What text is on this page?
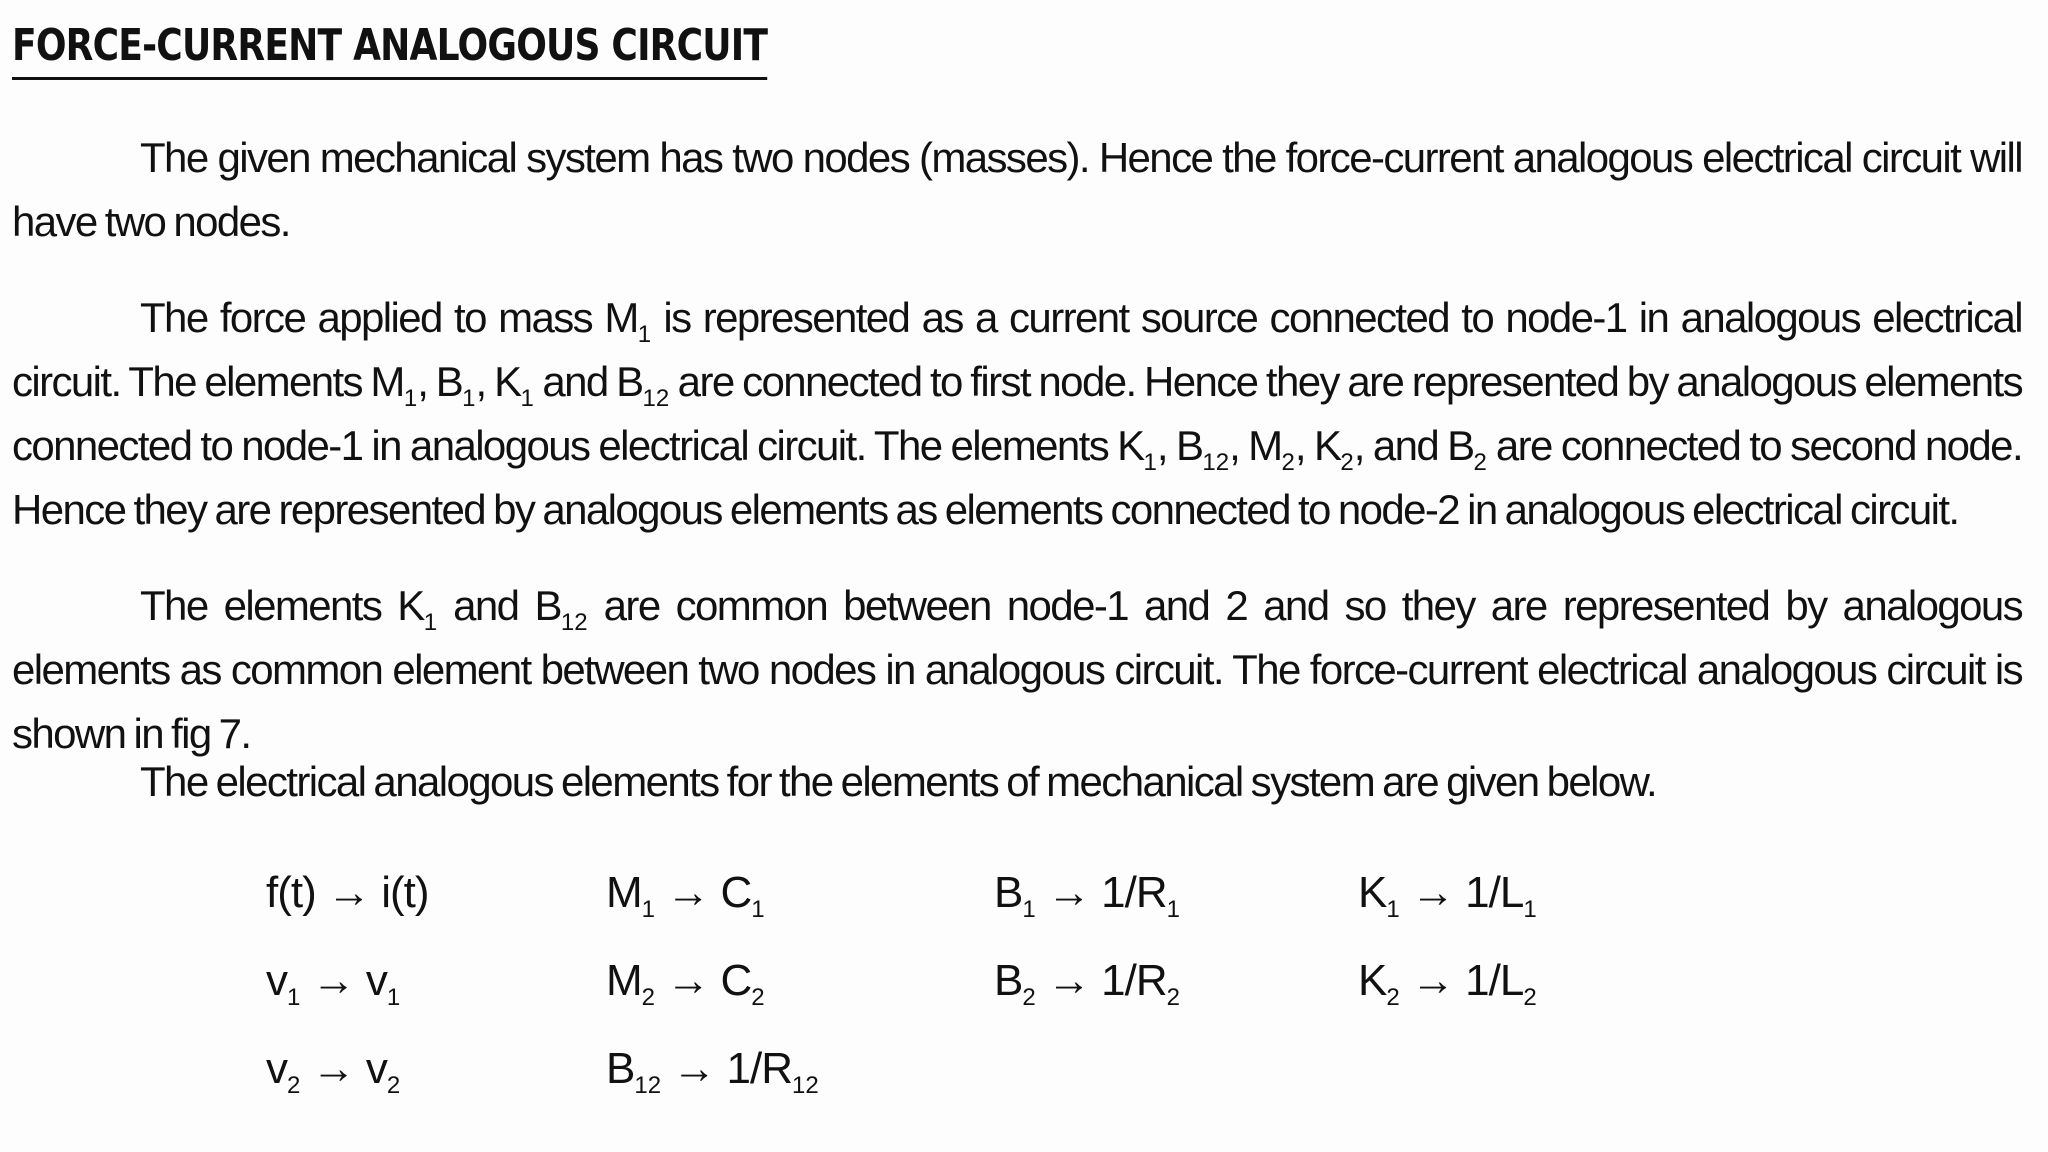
FORCE-CURRENT ANALOGOUS CIRCUIT

The given mechanical system has two nodes (masses). Hence the force-current analogous electrical circuit will have two nodes.

The force applied to mass $M_1$ is represented as a current source connected to node-1 in analogous electrical circuit. The elements $M_1$, $B_1$, $K_1$ and $B_{12}$ are connected to first node. Hence they are represented by analogous elements connected to node-1 in analogous electrical circuit. The elements $K_1$, $B_{12}$, $M_2$, $K_2$, and $B_2$ are connected to second node. Hence they are represented by analogous elements as elements connected to node-2 in analogous electrical circuit.

The elements $K_1$ and $B_{12}$ are common between node-1 and 2 and so they are represented by analogous elements as common element between two nodes in analogous circuit. The force-current electrical analogous circuit is shown in fig 7.

The electrical analogous elements for the elements of mechanical system are given below.

f(t) → i(t)
$v_1 \to v_1$
$v_2 \to v_2$
$M_1 \to C_1$
$M_2 \to C_2$
$B_{12} \to 1/R_{12}$
$B_1 \to 1/R_1$
$B_2 \to 1/R_2$
$K_1 \to 1/L_1$
$K_2 \to 1/L_2$
